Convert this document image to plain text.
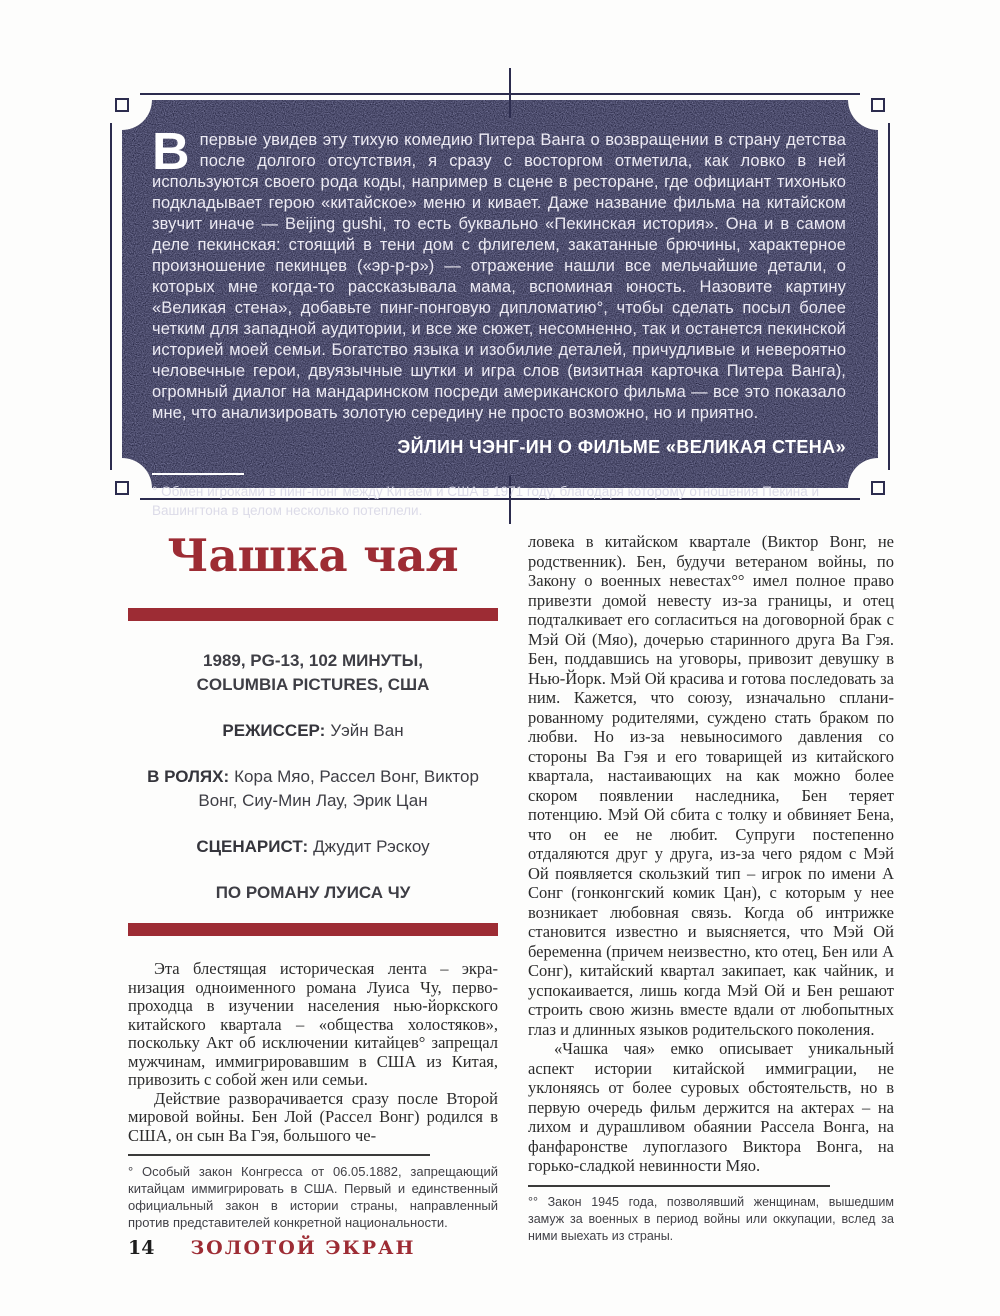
Впервые увидев эту тихую комедию Питера Ванга о возвращении в страну детства после долгого отсутствия, я сразу с восторгом отметила, как ловко в ней используются своего рода коды, например в сцене в ресторане, где официант тихонько подкладывает герою «китайское» меню и кивает. Даже название фильма на китайском звучит иначе — Beijing gushi, то есть буквально «Пекинская история». Она и в самом деле пекинская: стоящий в тени дом с флигелем, закатанные брючины, характерное произношение пекинцев («эр-р-р») — отражение нашли все мельчайшие детали, о которых мне когда-то рассказывала мама, вспоминая юность. Назовите картину «Великая стена», добавьте пинг-понговую дипломатию°, чтобы сделать посыл более четким для западной аудитории, и все же сюжет, несомненно, так и останется пекинской историей моей семьи. Богатство языка и изобилие деталей, причудливые и невероятно человечные герои, двуязычные шутки и игра слов (визитная карточка Питера Ванга), огромный диалог на мандаринском посреди американского фильма — все это показало мне, что анализировать золотую середину не просто возможно, но и приятно.
ЭЙЛИН ЧЭНГ-ИН О ФИЛЬМЕ «ВЕЛИКАЯ СТЕНА»
° Обмен игроками в пинг-понг между Китаем и США в 1971 году, благодаря которому отношения Пекина и Вашингтона в целом несколько потеплели.
Чашка чая
1989, PG-13, 102 МИНУТЫ,
COLUMBIA PICTURES, США
РЕЖИССЕР: Уэйн Ван
В РОЛЯХ: Кора Мяо, Рассел Вонг, Виктор Вонг, Сиу-Мин Лау, Эрик Цан
СЦЕНАРИСТ: Джудит Рэскоу
ПО РОМАНУ ЛУИСА ЧУ

Эта блестящая историческая лента – экранизация одноименного романа Луиса Чу, первопроходца в изучении населения нью-йоркского китайского квартала – «общества холостяков», поскольку Акт об исключении китайцев° запрещал мужчинам, иммигрировавшим в США из Китая, привозить с собой жен или семьи.

Действие разворачивается сразу после Второй мировой войны. Бен Лой (Рассел Вонг) родился в США, он сын Ва Гэя, большого че-

° Особый закон Конгресса от 06.05.1882, запрещающий китайцам иммигрировать в США. Первый и единственный официальный закон в истории страны, направленный против представителей конкретной национальности.

ловека в китайском квартале (Виктор Вонг, не родственник). Бен, будучи ветераном войны, по Закону о военных невестах°° имел полное право привезти домой невесту из-за границы, и отец подталкивает его согласиться на договорной брак с Мэй Ой (Мяо), дочерью старинного друга Ва Гэя. Бен, поддавшись на уговоры, привозит девушку в Нью-Йорк. Мэй Ой красива и готова последовать за ним. Кажется, что союзу, изначально спланированному родителями, суждено стать браком по любви. Но из-за невыносимого давления со стороны Ва Гэя и его товарищей из китайского квартала, настаивающих на как можно более скором появлении наследника, Бен теряет потенцию. Мэй Ой сбита с толку и обвиняет Бена, что он ее не любит. Супруги постепенно отдаляются друг у друга, из-за чего рядом с Мэй Ой появляется скользкий тип – игрок по имени А Сонг (гонконгский комик Цан), с которым у нее возникает любовная связь. Когда об интрижке становится известно и выясняется, что Мэй Ой беременна (причем неизвестно, кто отец, Бен или А Сонг), китайский квартал закипает, как чайник, и успокаивается, лишь когда Мэй Ой и Бен решают строить свою жизнь вместе вдали от любопытных глаз и длинных языков родительского поколения.

«Чашка чая» емко описывает уникальный аспект истории китайской иммиграции, не уклоняясь от более суровых обстоятельств, но в первую очередь фильм держится на актерах – на лихом и дурашливом обаянии Рассела Вонга, на фанфаронстве лупоглазого Виктора Вонга, на горько-сладкой невинности Мяо.

°° Закон 1945 года, позволявший женщинам, вышедшим замуж за военных в период войны или оккупации, вслед за ними выехать из страны.
14 ЗОЛОТОЙ ЭКРАН
